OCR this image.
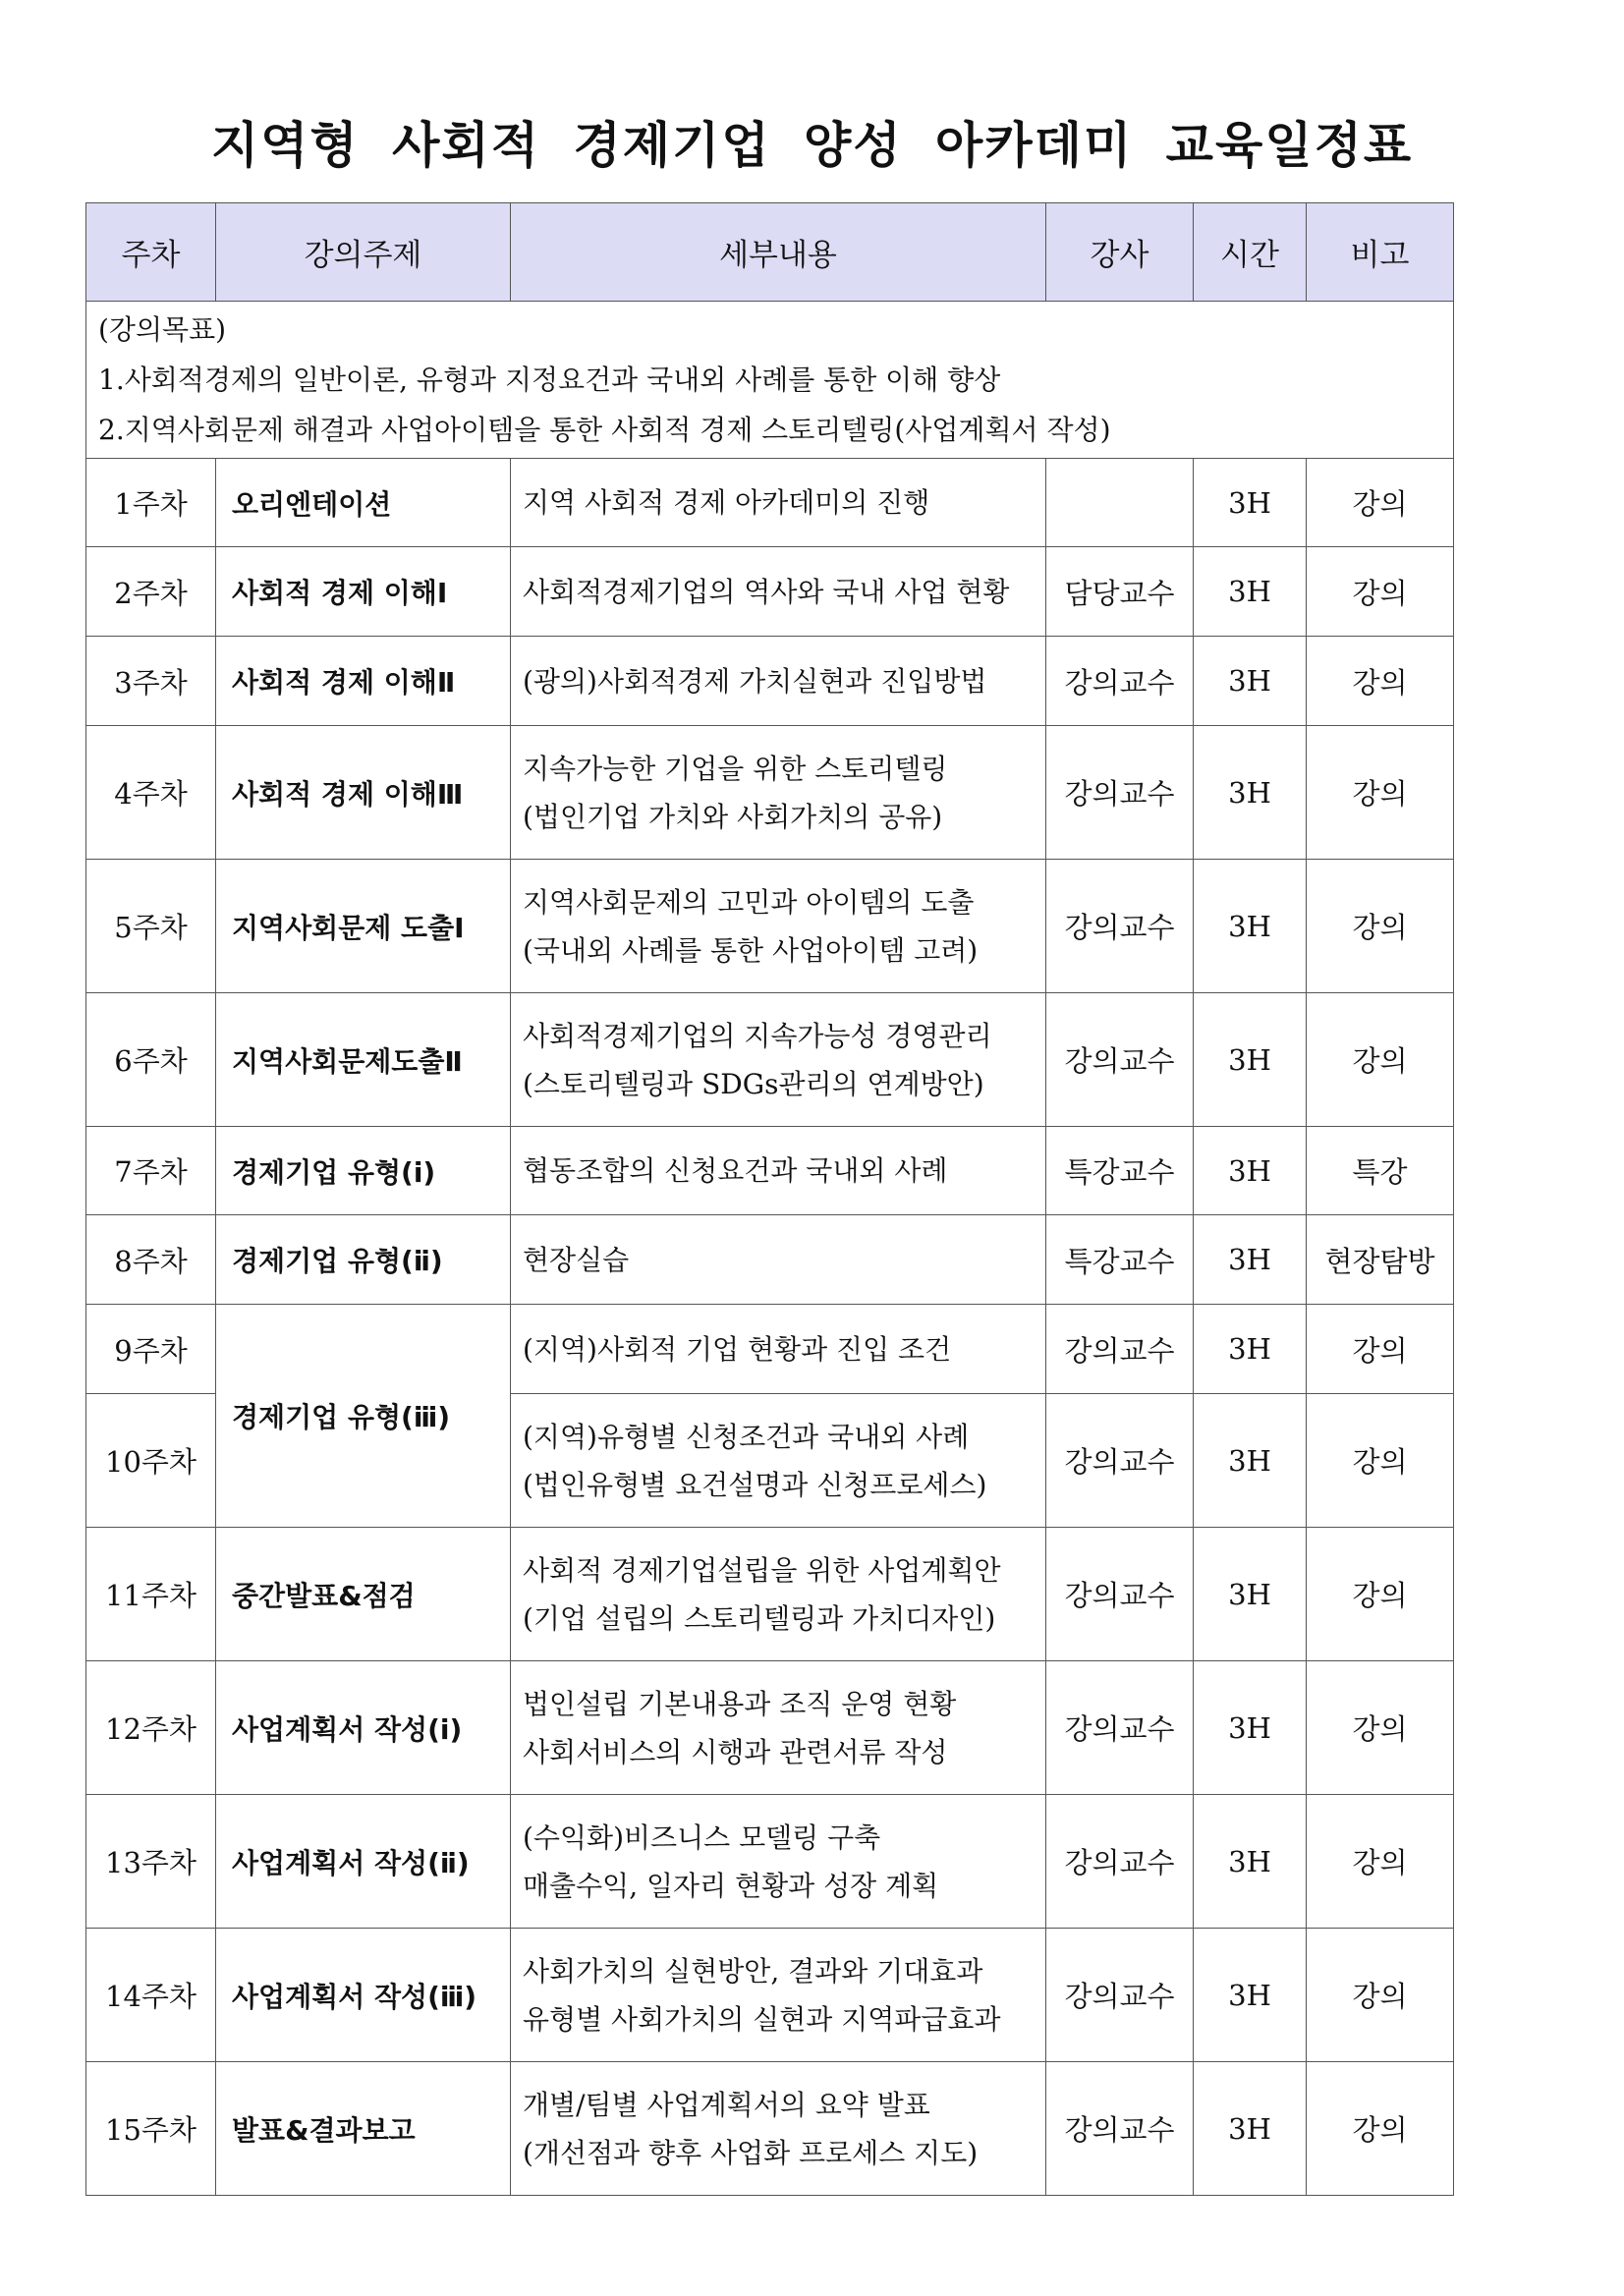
지역형 사회적 경제기업 양성 아카데미 교육일정표
주차	강의주제	세부내용	강사	시간	비고

(강의목표)
1.사회적경제의 일반이론, 유형과 지정요건과 국내외 사례를 통한 이해 향상
2.지역사회문제 해결과 사업아이템을 통한 사회적 경제 스토리텔링(사업계획서 작성)					

1주차	오리엔테이션	지역 사회적 경제 아카데미의 진행		3H	강의
2주차	사회적 경제 이해Ⅰ	사회적경제기업의 역사와 국내 사업 현황	담당교수	3H	강의
3주차	사회적 경제 이해Ⅱ	(광의)사회적경제 가치실현과 진입방법	강의교수	3H	강의
4주차	사회적 경제 이해Ⅲ	지속가능한 기업을 위한 스토리텔링
(법인기업 가치와 사회가치의 공유)	강의교수	3H	강의
5주차	지역사회문제 도출Ⅰ	지역사회문제의 고민과 아이템의 도출
(국내외 사례를 통한 사업아이템 고려)	강의교수	3H	강의
6주차	지역사회문제도출Ⅱ	사회적경제기업의 지속가능성 경영관리
(스토리텔링과 SDGs관리의 연계방안)	강의교수	3H	강의
7주차	경제기업 유형(ⅰ)	협동조합의 신청요건과 국내외 사례	특강교수	3H	특강
8주차	경제기업 유형(ⅱ)	현장실습	특강교수	3H	현장탐방
9주차	경제기업 유형(ⅲ)	(지역)사회적 기업 현황과 진입 조건	강의교수	3H	강의
10주차		(지역)유형별 신청조건과 국내외 사례
(법인유형별 요건설명과 신청프로세스)	강의교수	3H	강의
11주차	중간발표&점검	사회적 경제기업설립을 위한 사업계획안
(기업 설립의 스토리텔링과 가치디자인)	강의교수	3H	강의
12주차	사업계획서 작성(ⅰ)	법인설립 기본내용과 조직 운영 현황
사회서비스의 시행과 관련서류 작성	강의교수	3H	강의
13주차	사업계획서 작성(ⅱ)	(수익화)비즈니스 모델링 구축
매출수익, 일자리 현황과 성장 계획	강의교수	3H	강의
14주차	사업계획서 작성(ⅲ)	사회가치의 실현방안, 결과와 기대효과
유형별 사회가치의 실현과 지역파급효과	강의교수	3H	강의
15주차	발표&결과보고	개별/팀별 사업계획서의 요약 발표
(개선점과 향후 사업화 프로세스 지도)	강의교수	3H	강의
